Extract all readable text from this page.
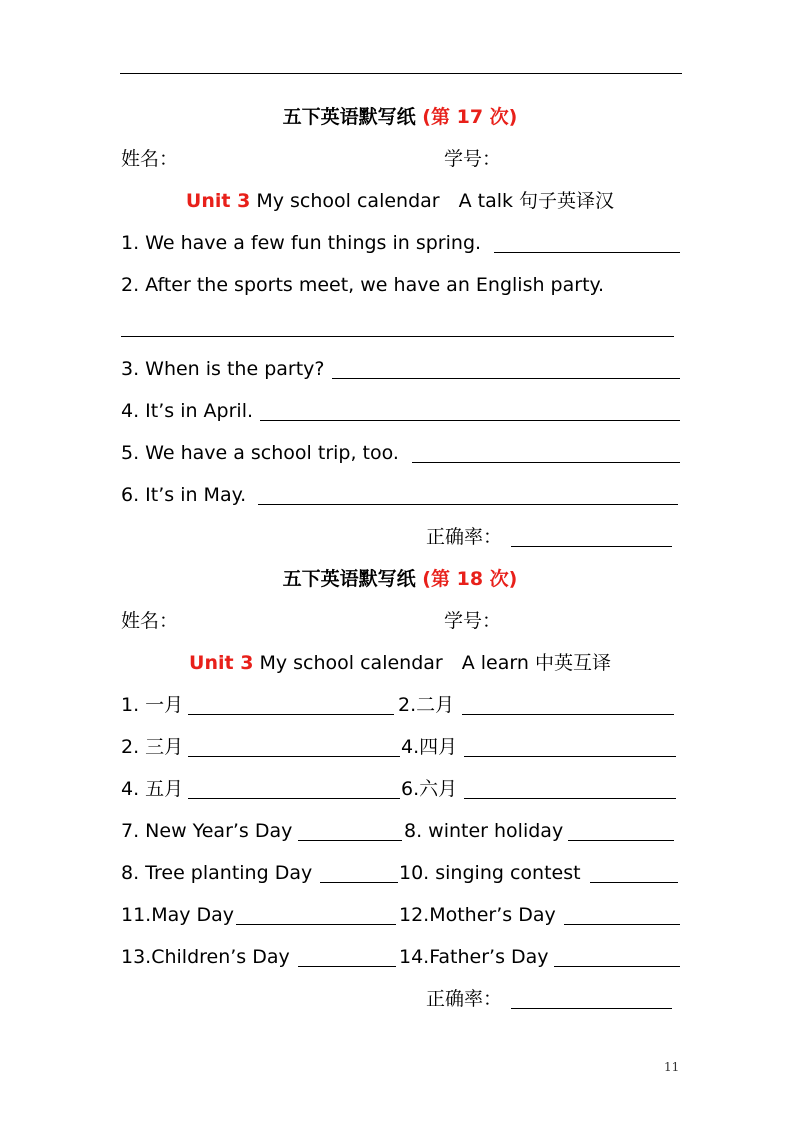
五下英语默写纸 (第 17 次)
姓名：	学号：
Unit 3 My school calendar　A talk 句子英译汉
1. We have a few fun things in spring.
2. After the sports meet, we have an English party.
3. When is the party?
4. It’s in April.
5. We have a school trip, too.
6. It’s in May.
正确率：
五下英语默写纸 (第 18 次)
姓名：	学号：
Unit 3 My school calendar　A learn 中英互译
1. 一月	2.二月
2. 三月	4.四月
4. 五月	6.六月
7. New Year’s Day	8. winter holiday
8. Tree planting Day	10. singing contest
11.May Day	12.Mother’s Day
13.Children’s Day	14.Father’s Day
正确率：
11
